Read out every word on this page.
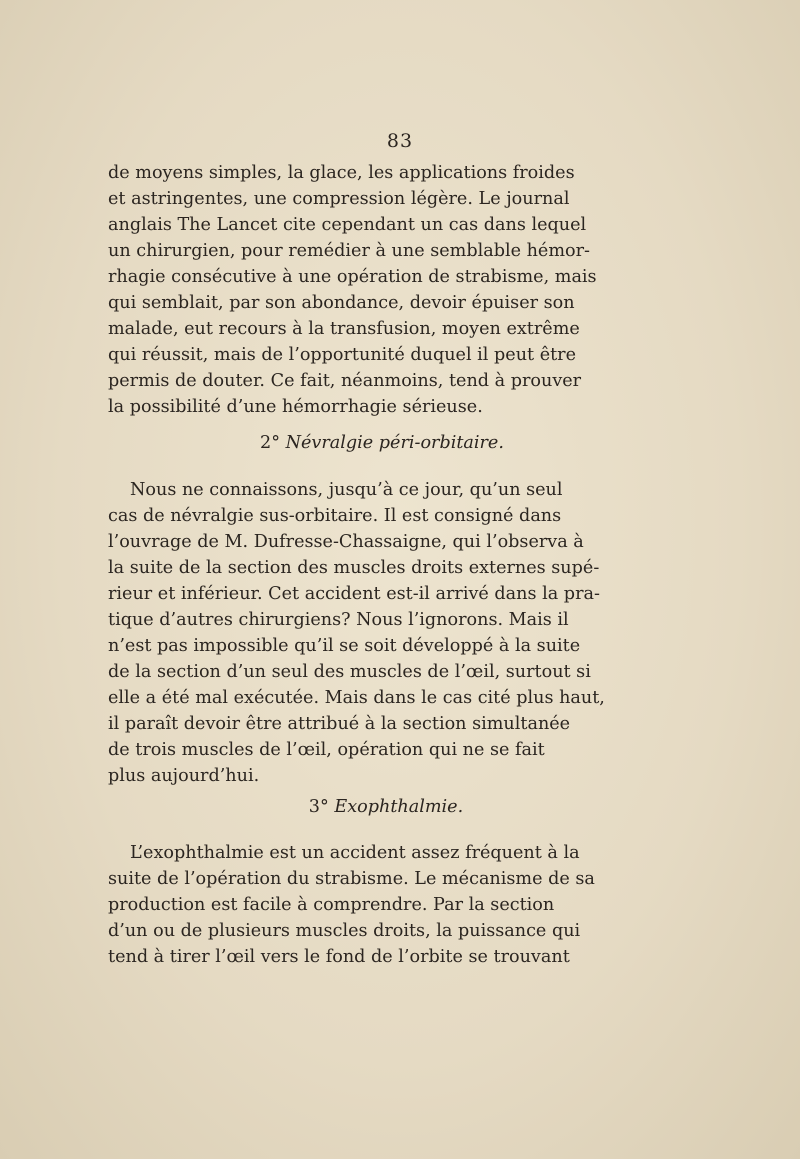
83
de moyens simples, la glace, les applications froides
et astringentes, une compression légère. Le journal
anglais The Lancet cite cependant un cas dans lequel
un chirurgien, pour remédier à une semblable hémor-
rhagie consécutive à une opération de strabisme, mais
qui semblait, par son abondance, devoir épuiser son
malade, eut recours à la transfusion, moyen extrême
qui réussit, mais de l’opportunité duquel il peut être
permis de douter. Ce fait, néanmoins, tend à prouver
la possibilité d’une hémorrhagie sérieuse.
2° Névralgie péri-orbitaire.
Nous ne connaissons, jusqu’à ce jour, qu’un seul
cas de névralgie sus-orbitaire. Il est consigné dans
l’ouvrage de M. Dufresse-Chassaigne, qui l’observa à
la suite de la section des muscles droits externes supé-
rieur et inférieur. Cet accident est-il arrivé dans la pra-
tique d’autres chirurgiens? Nous l’ignorons. Mais il
n’est pas impossible qu’il se soit développé à la suite
de la section d’un seul des muscles de l’œil, surtout si
elle a été mal exécutée. Mais dans le cas cité plus haut,
il paraît devoir être attribué à la section simultanée
de trois muscles de l’œil, opération qui ne se fait
plus aujourd’hui.
3° Exophthalmie.
L’exophthalmie est un accident assez fréquent à la
suite de l’opération du strabisme. Le mécanisme de sa
production est facile à comprendre. Par la section
d’un ou de plusieurs muscles droits, la puissance qui
tend à tirer l’œil vers le fond de l’orbite se trouvant
